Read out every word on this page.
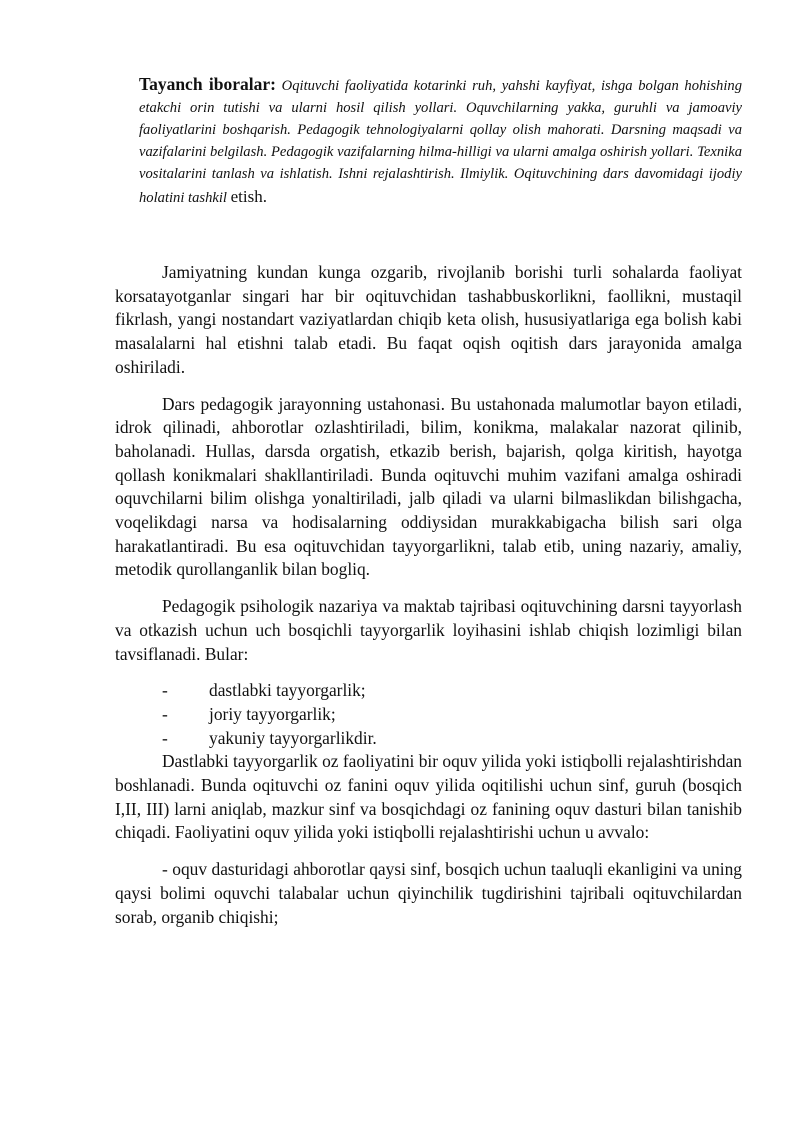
Tayanch iboralar: Oqituvchi faoliyatida kotarinki ruh, yahshi kayfiyat, ishga bolgan hohishing etakchi orin tutishi va ularni hosil qilish yollari. Oquvchilarning yakka, guruhli va jamoaviy faoliyatlarini boshqarish. Pedagogik tehnologiyalarni qollay olish mahorati. Darsning maqsadi va vazifalarini belgilash. Pedagogik vazifalarning hilma-hilligi va ularni amalga oshirish yollari. Texnika vositalarini tanlash va ishlatish. Ishni rejalashtirish. Ilmiylik. Oqituvchining dars davomidagi ijodiy holatini tashkil etish.

Jamiyatning kundan kunga ozgarib, rivojlanib borishi turli sohalarda faoliyat korsatayotganlar singari har bir oqituvchidan tashabbuskorlikni, faollikni, mustaqil fikrlash, yangi nostandart vaziyatlardan chiqib keta olish, hususiyatlariga ega bolish kabi masalalarni hal etishni talab etadi. Bu faqat oqish oqitish dars jarayonida amalga oshiriladi.

Dars pedagogik jarayonning ustahonasi. Bu ustahonada malumotlar bayon etiladi, idrok qilinadi, ahborotlar ozlashtiriladi, bilim, konikma, malakalar nazorat qilinib, baholanadi. Hullas, darsda orgatish, etkazib berish, bajarish, qolga kiritish, hayotga qollash konikmalari shakllantiriladi. Bunda oqituvchi muhim vazifani amalga oshiradi oquvchilarni bilim olishga yonaltiriladi, jalb qiladi va ularni bilmaslikdan bilishgacha, voqelikdagi narsa va hodisalarning oddiysidan murakkabigacha bilish sari olga harakatlantiradi. Bu esa oqituvchidan tayyorgarlikni, talab etib, uning nazariy, amaliy, metodik qurollanganlik bilan bogliq.

Pedagogik psihologik nazariya va maktab tajribasi oqituvchining darsni tayyorlash va otkazish uchun uch bosqichli tayyorgarlik loyihasini ishlab chiqish lozimligi bilan tavsiflanadi. Bular:

- dastlabki tayyorgarlik;
- joriy tayyorgarlik;
- yakuniy tayyorgarlikdir.

Dastlabki tayyorgarlik oz faoliyatini bir oquv yilida yoki istiqbolli rejalashtirishdan boshlanadi. Bunda oqituvchi oz fanini oquv yilida oqitilishi uchun sinf, guruh (bosqich I,II, III) larni aniqlab, mazkur sinf va bosqichdagi oz fanining oquv dasturi bilan tanishib chiqadi. Faoliyatini oquv yilida yoki istiqbolli rejalashtirishi uchun u avvalo:

- oquv dasturidagi ahborotlar qaysi sinf, bosqich uchun taaluqli ekanligini va uning qaysi bolimi oquvchi talabalar uchun qiyinchilik tugdirishini tajribali oqituvchilardan sorab, organib chiqishi;
